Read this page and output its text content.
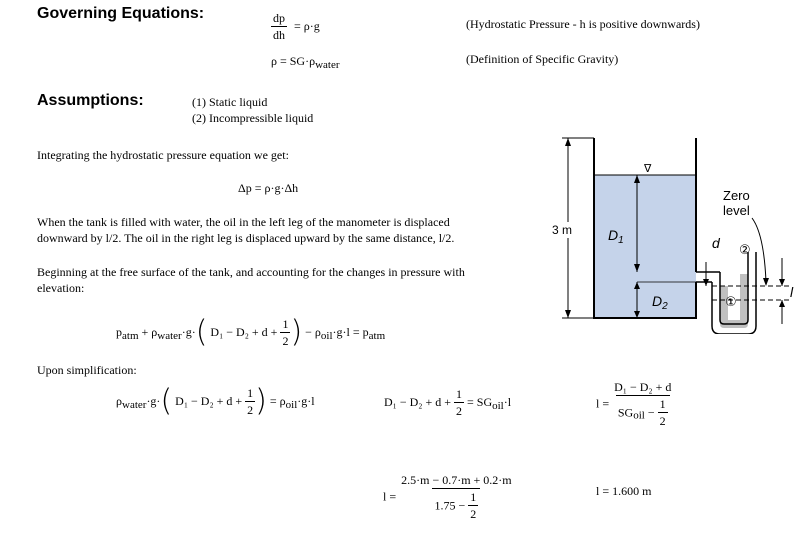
Governing Equations:	$\frac{dp}{dh} = \rho\cdot g$	(Hydrostatic Pressure - h is positive downwards)
$\rho = SG\cdot\rho_{water}$	(Definition of Specific Gravity)
Assumptions:	(1) Static liquid
(2) Incompressible liquid
Integrating the hydrostatic pressure equation we get:
Δp = ρ·g·Δh
When the tank is filled with water, the oil in the left leg of the manometer is displaced
downward by l/2. The oil in the right leg is displaced upward by the same distance, l/2.
Beginning at the free surface of the tank, and accounting for the changes in pressure with
elevation:
$p_{atm} + \rho_{water}\cdot g\cdot$( $D_1 - D_2 + d + \frac{1}{2}$ ) − $\rho_{oil}\cdot g\cdot l = p_{atm}$
Upon simplification:
$\rho_{water}\cdot g\cdot$( $D_1 - D_2 + d + \frac{1}{2}$ ) = $\rho_{oil}\cdot g\cdot l$	$D_1 - D_2 + d + \frac{1}{2} = SG_{oil}\cdot l$	$l = \frac{\text{D₁ − D₂ + d}}{SG_{oil} - \frac{1}{2}}$
$l = \frac{2.5\cdot m - 0.7\cdot m + 0.2\cdot m}{1.75 - \frac{1}{2}}$	l = 1.600 m
3 m	$D_1$
$D_2$
∇
d ②
①
Zero
level
l
